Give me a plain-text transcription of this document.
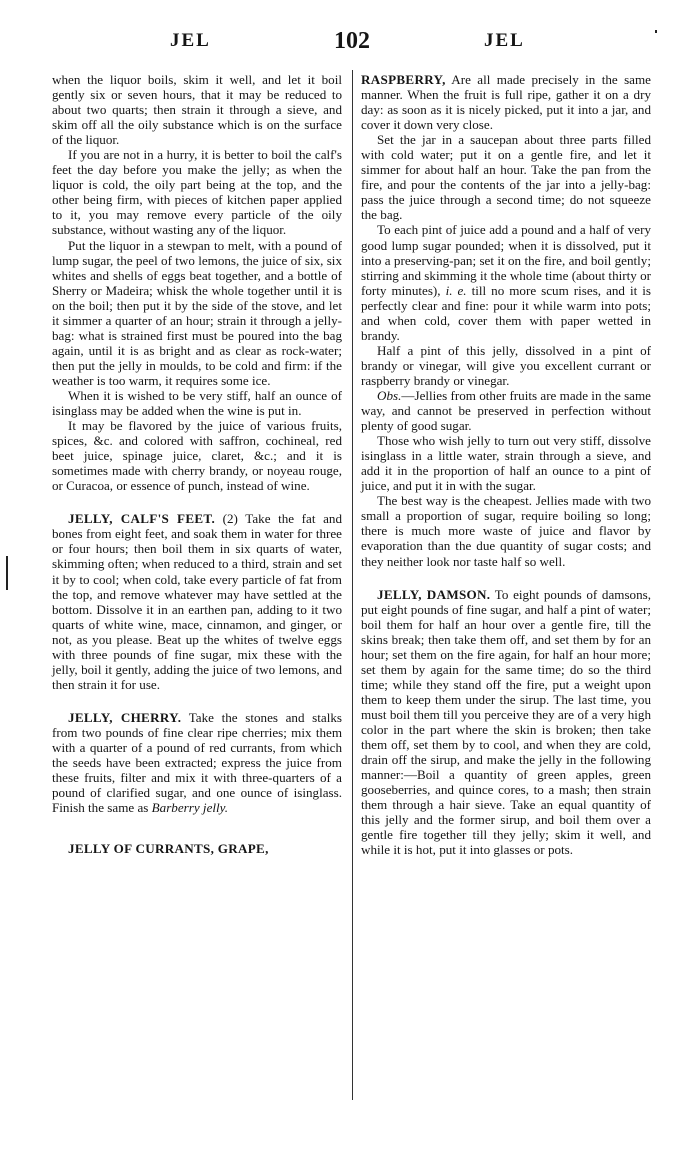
JEL	102	JEL

when the liquor boils, skim it well, and let it boil gently six or seven hours, that it may be reduced to about two quarts; then strain it through a sieve, and skim off all the oily substance which is on the surface of the liquor.

If you are not in a hurry, it is better to boil the calf's feet the day before you make the jelly; as when the liquor is cold, the oily part being at the top, and the other being firm, with pieces of kitchen paper applied to it, you may remove every particle of the oily substance, without wasting any of the liquor.

Put the liquor in a stewpan to melt, with a pound of lump sugar, the peel of two lemons, the juice of six, six whites and shells of eggs beat together, and a bottle of Sherry or Madeira; whisk the whole together until it is on the boil; then put it by the side of the stove, and let it simmer a quarter of an hour; strain it through a jelly-bag: what is strained first must be poured into the bag again, until it is as bright and as clear as rock-water; then put the jelly in moulds, to be cold and firm: if the weather is too warm, it requires some ice.

When it is wished to be very stiff, half an ounce of isinglass may be added when the wine is put in.

It may be flavored by the juice of various fruits, spices, &c. and colored with saffron, cochineal, red beet juice, spinage juice, claret, &c.; and it is sometimes made with cherry brandy, or noyeau rouge, or Curacoa, or essence of punch, instead of wine.

JELLY, CALF'S FEET. (2) Take the fat and bones from eight feet, and soak them in water for three or four hours; then boil them in six quarts of water, skimming often; when reduced to a third, strain and set it by to cool; when cold, take every particle of fat from the top, and remove whatever may have settled at the bottom. Dissolve it in an earthen pan, adding to it two quarts of white wine, mace, cinnamon, and ginger, or not, as you please. Beat up the whites of twelve eggs with three pounds of fine sugar, mix these with the jelly, boil it gently, adding the juice of two lemons, and then strain it for use.

JELLY, CHERRY. Take the stones and stalks from two pounds of fine clear ripe cherries; mix them with a quarter of a pound of red currants, from which the seeds have been extracted; express the juice from these fruits, filter and mix it with three-quarters of a pound of clarified sugar, and one ounce of isinglass. Finish the same as Barberry jelly.

JELLY OF CURRANTS, GRAPE,

RASPBERRY, Are all made precisely in the same manner. When the fruit is full ripe, gather it on a dry day: as soon as it is nicely picked, put it into a jar, and cover it down very close.

Set the jar in a saucepan about three parts filled with cold water; put it on a gentle fire, and let it simmer for about half an hour. Take the pan from the fire, and pour the contents of the jar into a jelly-bag: pass the juice through a second time; do not squeeze the bag.

To each pint of juice add a pound and a half of very good lump sugar pounded; when it is dissolved, put it into a preserving-pan; set it on the fire, and boil gently; stirring and skimming it the whole time (about thirty or forty minutes), i. e. till no more scum rises, and it is perfectly clear and fine: pour it while warm into pots; and when cold, cover them with paper wetted in brandy.

Half a pint of this jelly, dissolved in a pint of brandy or vinegar, will give you excellent currant or raspberry brandy or vinegar.

Obs.—Jellies from other fruits are made in the same way, and cannot be preserved in perfection without plenty of good sugar.

Those who wish jelly to turn out very stiff, dissolve isinglass in a little water, strain through a sieve, and add it in the proportion of half an ounce to a pint of juice, and put it in with the sugar.

The best way is the cheapest. Jellies made with two small a proportion of sugar, require boiling so long; there is much more waste of juice and flavor by evaporation than the due quantity of sugar costs; and they neither look nor taste half so well.

JELLY, DAMSON. To eight pounds of damsons, put eight pounds of fine sugar, and half a pint of water; boil them for half an hour over a gentle fire, till the skins break; then take them off, and set them by for an hour; set them on the fire again, for half an hour more; set them by again for the same time; do so the third time; while they stand off the fire, put a weight upon them to keep them under the sirup. The last time, you must boil them till you perceive they are of a very high color in the part where the skin is broken; then take them off, set them by to cool, and when they are cold, drain off the sirup, and make the jelly in the following manner:—Boil a quantity of green apples, green gooseberries, and quince cores, to a mash; then strain them through a hair sieve. Take an equal quantity of this jelly and the former sirup, and boil them over a gentle fire together till they jelly; skim it well, and while it is hot, put it into glasses or pots.
